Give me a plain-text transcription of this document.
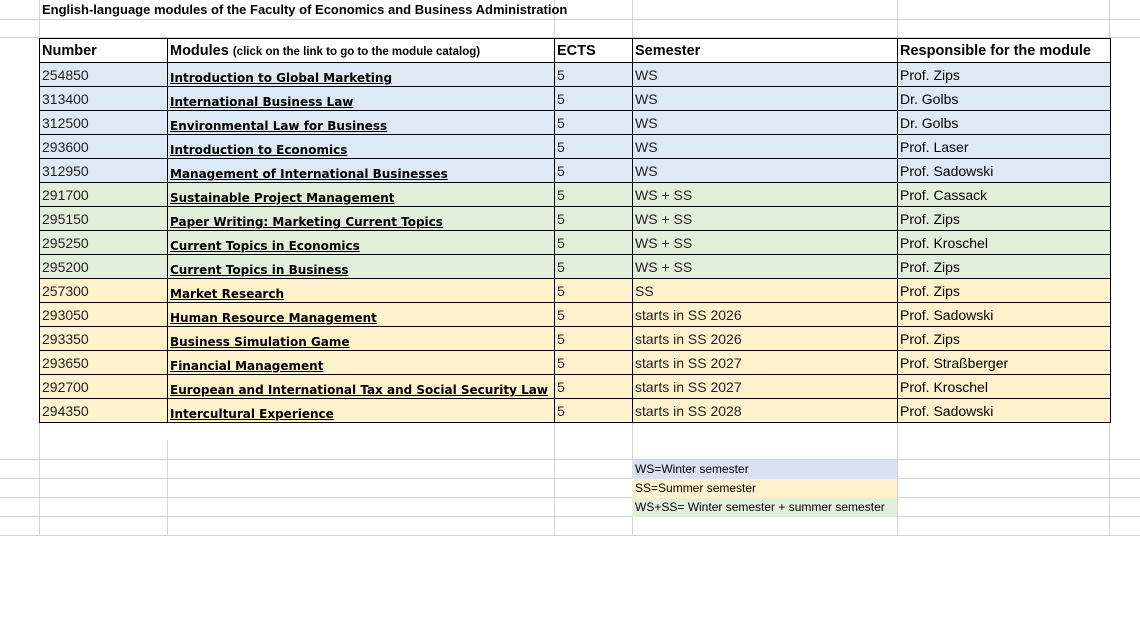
English-language modules of the Faculty of Economics and Business Administration
Number	Modules (click on the link to go to the module catalog)	ECTS	Semester	Responsible for the module
254850	Introduction to Global Marketing	5	WS	Prof. Zips
313400	International Business Law	5	WS	Dr. Golbs
312500	Environmental Law for Business	5	WS	Dr. Golbs
293600	Introduction to Economics	5	WS	Prof. Laser
312950	Management of International Businesses	5	WS	Prof. Sadowski
291700	Sustainable Project Management	5	WS + SS	Prof. Cassack
295150	Paper Writing: Marketing Current Topics	5	WS + SS	Prof. Zips
295250	Current Topics in Economics	5	WS + SS	Prof. Kroschel
295200	Current Topics in Business	5	WS + SS	Prof. Zips
257300	Market Research	5	SS	Prof. Zips
293050	Human Resource Management	5	starts in SS 2026	Prof. Sadowski
293350	Business Simulation Game	5	starts in SS 2026	Prof. Zips
293650	Financial Management	5	starts in SS 2027	Prof. Straßberger
292700	European and International Tax and Social Security Law	5	starts in SS 2027	Prof. Kroschel
294350	Intercultural Experience	5	starts in SS 2028	Prof. Sadowski
WS=Winter semester
SS=Summer semester
WS+SS= Winter semester + summer semester
